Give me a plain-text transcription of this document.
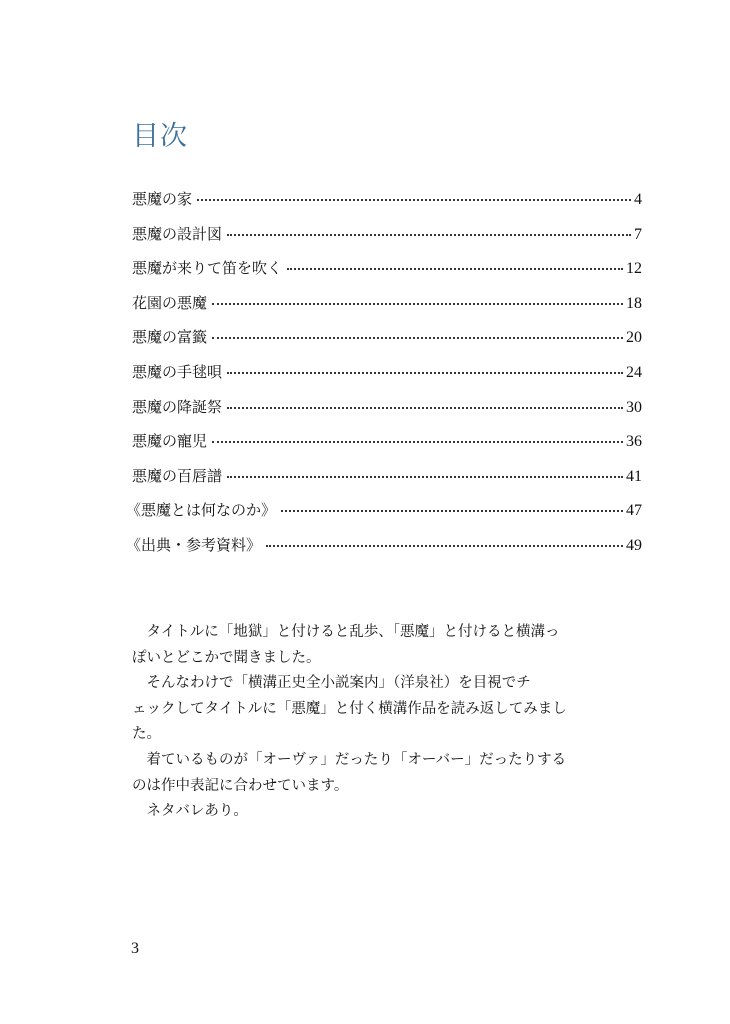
目次
悪魔の家	4
悪魔の設計図	7
悪魔が来りて笛を吹く	12
花園の悪魔	18
悪魔の富籤	20
悪魔の手毬唄	24
悪魔の降誕祭	30
悪魔の寵児	36
悪魔の百唇譜	41
《悪魔とは何なのか》	47
《出典・参考資料》	49
タイトルに「地獄」と付けると乱歩、「悪魔」と付けると横溝っ
ぽいとどこかで聞きました。
そんなわけで「横溝正史全小説案内」（洋泉社）を目視でチ
ェックしてタイトルに「悪魔」と付く横溝作品を読み返してみまし
た。
着ているものが「オーヴァ」だったり「オーバー」だったりする
のは作中表記に合わせています。
ネタバレあり。
3
